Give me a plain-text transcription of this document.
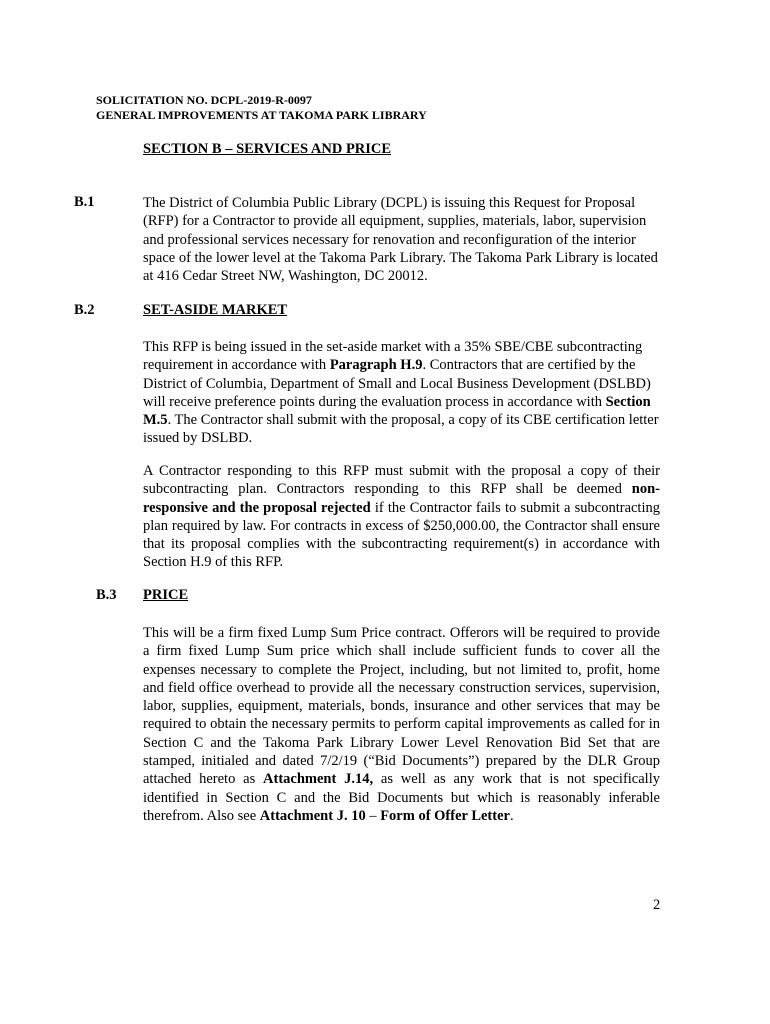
SOLICITATION NO. DCPL-2019-R-0097
GENERAL IMPROVEMENTS AT TAKOMA PARK LIBRARY
SECTION B – SERVICES AND PRICE
B.1	The District of Columbia Public Library (DCPL) is issuing this Request for Proposal (RFP) for a Contractor to provide all equipment, supplies, materials, labor, supervision and professional services necessary for renovation and reconfiguration of the interior space of the lower level at the Takoma Park Library. The Takoma Park Library is located at 416 Cedar Street NW, Washington, DC 20012.
B.2	SET-ASIDE MARKET
This RFP is being issued in the set-aside market with a 35% SBE/CBE subcontracting requirement in accordance with Paragraph H.9. Contractors that are certified by the District of Columbia, Department of Small and Local Business Development (DSLBD) will receive preference points during the evaluation process in accordance with Section M.5. The Contractor shall submit with the proposal, a copy of its CBE certification letter issued by DSLBD.
A Contractor responding to this RFP must submit with the proposal a copy of their subcontracting plan. Contractors responding to this RFP shall be deemed non-responsive and the proposal rejected if the Contractor fails to submit a subcontracting plan required by law. For contracts in excess of $250,000.00, the Contractor shall ensure that its proposal complies with the subcontracting requirement(s) in accordance with Section H.9 of this RFP.
B.3 PRICE
This will be a firm fixed Lump Sum Price contract. Offerors will be required to provide a firm fixed Lump Sum price which shall include sufficient funds to cover all the expenses necessary to complete the Project, including, but not limited to, profit, home and field office overhead to provide all the necessary construction services, supervision, labor, supplies, equipment, materials, bonds, insurance and other services that may be required to obtain the necessary permits to perform capital improvements as called for in Section C and the Takoma Park Library Lower Level Renovation Bid Set that are stamped, initialed and dated 7/2/19 (“Bid Documents”) prepared by the DLR Group attached hereto as Attachment J.14, as well as any work that is not specifically identified in Section C and the Bid Documents but which is reasonably inferable therefrom. Also see Attachment J. 10 – Form of Offer Letter.
2
